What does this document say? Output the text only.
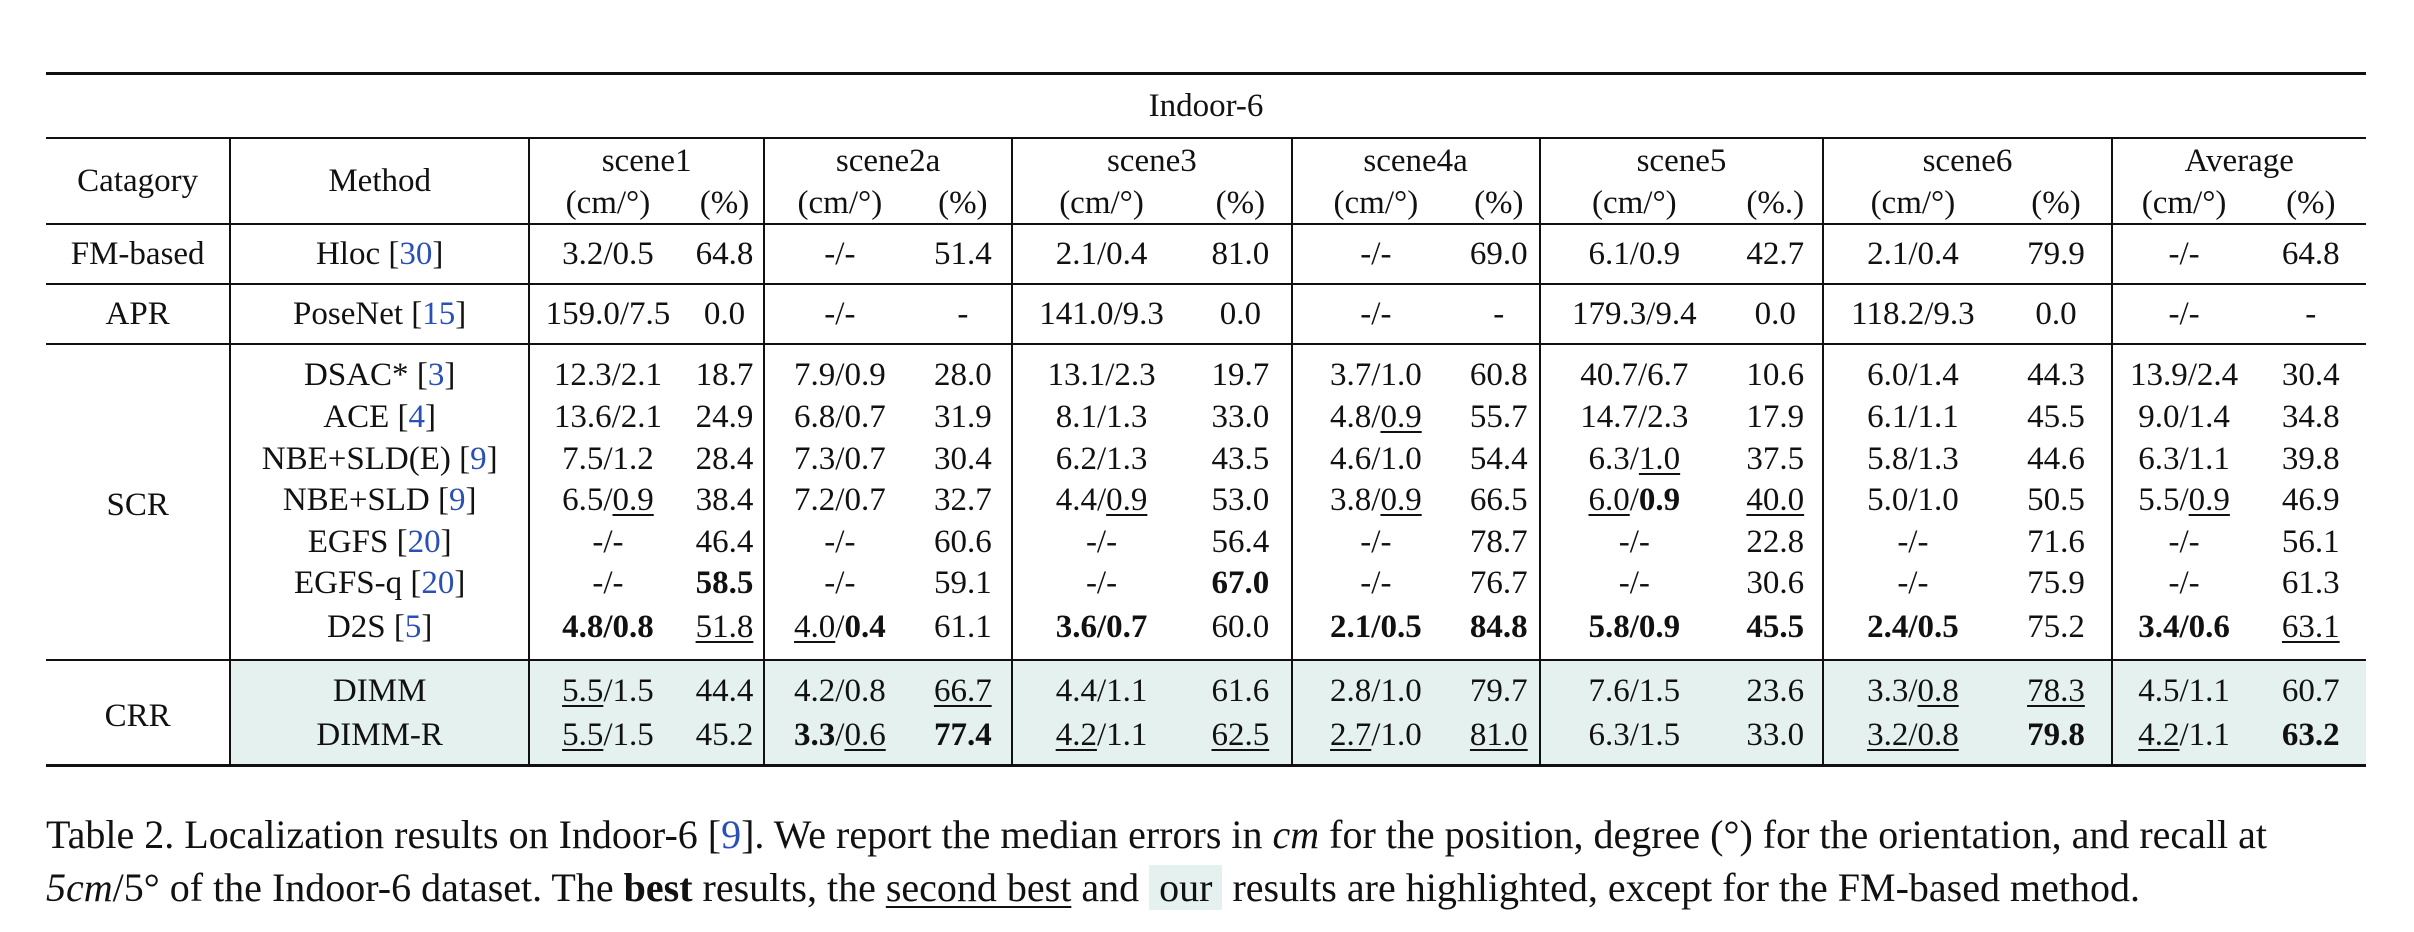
Indoor-6															
Catagory	Method	scene1		scene2a		scene3		scene4a		scene5		scene6		Average	
		(cm/°)	(%)	(cm/°)	(%)	(cm/°)	(%)	(cm/°)	(%)	(cm/°)	(%.)	(cm/°)	(%)	(cm/°)	(%)
FM-based	Hloc [30]	3.2/0.5	64.8	-/-	51.4	2.1/0.4	81.0	-/-	69.0	6.1/0.9	42.7	2.1/0.4	79.9	-/-	64.8
APR	PoseNet [15]	159.0/7.5	0.0	-/-	-	141.0/9.3	0.0	-/-	-	179.3/9.4	0.0	118.2/9.3	0.0	-/-	-
SCR	DSAC* [3]	12.3/2.1	18.7	7.9/0.9	28.0	13.1/2.3	19.7	3.7/1.0	60.8	40.7/6.7	10.6	6.0/1.4	44.3	13.9/2.4	30.4
	ACE [4]	13.6/2.1	24.9	6.8/0.7	31.9	8.1/1.3	33.0	4.8/0.9	55.7	14.7/2.3	17.9	6.1/1.1	45.5	9.0/1.4	34.8
	NBE+SLD(E) [9]	7.5/1.2	28.4	7.3/0.7	30.4	6.2/1.3	43.5	4.6/1.0	54.4	6.3/1.0	37.5	5.8/1.3	44.6	6.3/1.1	39.8
	NBE+SLD [9]	6.5/0.9	38.4	7.2/0.7	32.7	4.4/0.9	53.0	3.8/0.9	66.5	6.0/0.9	40.0	5.0/1.0	50.5	5.5/0.9	46.9
	EGFS [20]	-/-	46.4	-/-	60.6	-/-	56.4	-/-	78.7	-/-	22.8	-/-	71.6	-/-	56.1
	EGFS-q [20]	-/-	58.5	-/-	59.1	-/-	67.0	-/-	76.7	-/-	30.6	-/-	75.9	-/-	61.3
	D2S [5]	4.8/0.8	51.8	4.0/0.4	61.1	3.6/0.7	60.0	2.1/0.5	84.8	5.8/0.9	45.5	2.4/0.5	75.2	3.4/0.6	63.1
CRR	DIMM	5.5/1.5	44.4	4.2/0.8	66.7	4.4/1.1	61.6	2.8/1.0	79.7	7.6/1.5	23.6	3.3/0.8	78.3	4.5/1.1	60.7
	DIMM-R	5.5/1.5	45.2	3.3/0.6	77.4	4.2/1.1	62.5	2.7/1.0	81.0	6.3/1.5	33.0	3.2/0.8	79.8	4.2/1.1	63.2
Table 2. Localization results on Indoor-6 [9]. We report the median errors in cm for the position, degree (°) for the orientation, and recall at
5cm/5° of the Indoor-6 dataset. The best results, the second best and our results are highlighted, except for the FM-based method.
